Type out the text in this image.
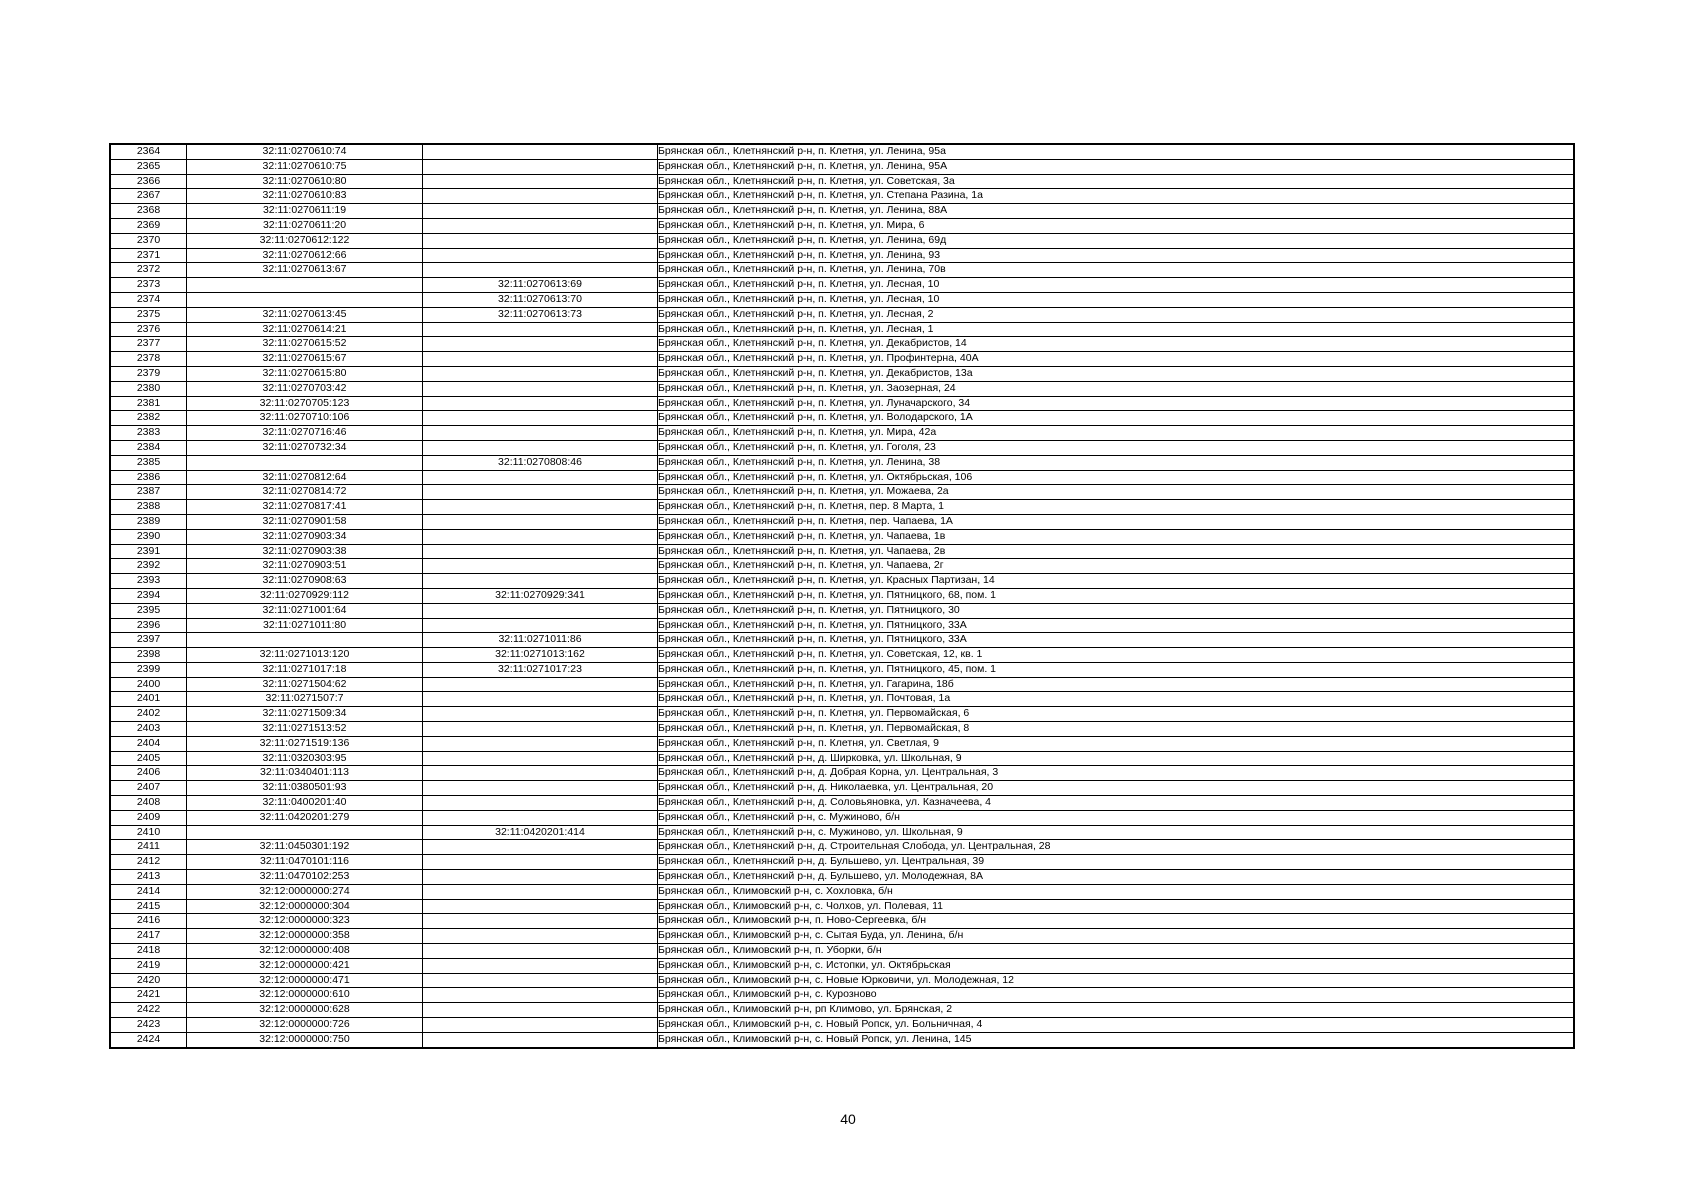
2364	32:11:0270610:74		Брянская обл., Клетнянский р-н, п. Клетня, ул. Ленина, 95а
2365	32:11:0270610:75		Брянская обл., Клетнянский р-н, п. Клетня, ул. Ленина, 95А
2366	32:11:0270610:80		Брянская обл., Клетнянский р-н, п. Клетня, ул. Советская, 3а
2367	32:11:0270610:83		Брянская обл., Клетнянский р-н, п. Клетня, ул. Степана Разина, 1а
2368	32:11:0270611:19		Брянская обл., Клетнянский р-н, п. Клетня, ул. Ленина, 88А
2369	32:11:0270611:20		Брянская обл., Клетнянский р-н, п. Клетня, ул. Мира, 6
2370	32:11:0270612:122		Брянская обл., Клетнянский р-н, п. Клетня, ул. Ленина, 69д
2371	32:11:0270612:66		Брянская обл., Клетнянский р-н, п. Клетня, ул. Ленина, 93
2372	32:11:0270613:67		Брянская обл., Клетнянский р-н, п. Клетня, ул. Ленина, 70в
2373		32:11:0270613:69	Брянская обл., Клетнянский р-н, п. Клетня, ул. Лесная, 10
2374		32:11:0270613:70	Брянская обл., Клетнянский р-н, п. Клетня, ул. Лесная, 10
2375	32:11:0270613:45	32:11:0270613:73	Брянская обл., Клетнянский р-н, п. Клетня, ул. Лесная, 2
2376	32:11:0270614:21		Брянская обл., Клетнянский р-н, п. Клетня, ул. Лесная, 1
2377	32:11:0270615:52		Брянская обл., Клетнянский р-н, п. Клетня, ул. Декабристов, 14
2378	32:11:0270615:67		Брянская обл., Клетнянский р-н, п. Клетня, ул. Профинтерна, 40А
2379	32:11:0270615:80		Брянская обл., Клетнянский р-н, п. Клетня, ул. Декабристов, 13а
2380	32:11:0270703:42		Брянская обл., Клетнянский р-н, п. Клетня, ул. Заозерная, 24
2381	32:11:0270705:123		Брянская обл., Клетнянский р-н, п. Клетня, ул. Луначарского, 34
2382	32:11:0270710:106		Брянская обл., Клетнянский р-н, п. Клетня, ул. Володарского, 1А
2383	32:11:0270716:46		Брянская обл., Клетнянский р-н, п. Клетня, ул. Мира, 42а
2384	32:11:0270732:34		Брянская обл., Клетнянский р-н, п. Клетня, ул. Гоголя, 23
2385		32:11:0270808:46	Брянская обл., Клетнянский р-н, п. Клетня, ул. Ленина, 38
2386	32:11:0270812:64		Брянская обл., Клетнянский р-н, п. Клетня, ул. Октябрьская, 106
2387	32:11:0270814:72		Брянская обл., Клетнянский р-н, п. Клетня, ул. Можаева, 2а
2388	32:11:0270817:41		Брянская обл., Клетнянский р-н, п. Клетня, пер. 8 Марта, 1
2389	32:11:0270901:58		Брянская обл., Клетнянский р-н, п. Клетня, пер. Чапаева, 1А
2390	32:11:0270903:34		Брянская обл., Клетнянский р-н, п. Клетня, ул. Чапаева, 1в
2391	32:11:0270903:38		Брянская обл., Клетнянский р-н, п. Клетня, ул. Чапаева, 2в
2392	32:11:0270903:51		Брянская обл., Клетнянский р-н, п. Клетня, ул. Чапаева, 2г
2393	32:11:0270908:63		Брянская обл., Клетнянский р-н, п. Клетня, ул. Красных Партизан, 14
2394	32:11:0270929:112	32:11:0270929:341	Брянская обл., Клетнянский р-н, п. Клетня, ул. Пятницкого, 68, пом. 1
2395	32:11:0271001:64		Брянская обл., Клетнянский р-н, п. Клетня, ул. Пятницкого, 30
2396	32:11:0271011:80		Брянская обл., Клетнянский р-н, п. Клетня, ул. Пятницкого, 33А
2397		32:11:0271011:86	Брянская обл., Клетнянский р-н, п. Клетня, ул. Пятницкого, 33А
2398	32:11:0271013:120	32:11:0271013:162	Брянская обл., Клетнянский р-н, п. Клетня, ул. Советская, 12, кв. 1
2399	32:11:0271017:18	32:11:0271017:23	Брянская обл., Клетнянский р-н, п. Клетня, ул. Пятницкого, 45, пом. 1
2400	32:11:0271504:62		Брянская обл., Клетнянский р-н, п. Клетня, ул. Гагарина, 18б
2401	32:11:0271507:7		Брянская обл., Клетнянский р-н, п. Клетня, ул. Почтовая, 1а
2402	32:11:0271509:34		Брянская обл., Клетнянский р-н, п. Клетня, ул. Первомайская, 6
2403	32:11:0271513:52		Брянская обл., Клетнянский р-н, п. Клетня, ул. Первомайская, 8
2404	32:11:0271519:136		Брянская обл., Клетнянский р-н, п. Клетня, ул. Светлая, 9
2405	32:11:0320303:95		Брянская обл., Клетнянский р-н, д. Ширковка, ул. Школьная, 9
2406	32:11:0340401:113		Брянская обл., Клетнянский р-н, д. Добрая Корна, ул. Центральная, 3
2407	32:11:0380501:93		Брянская обл., Клетнянский р-н, д. Николаевка, ул. Центральная, 20
2408	32:11:0400201:40		Брянская обл., Клетнянский р-н, д. Соловьяновка, ул. Казначеева, 4
2409	32:11:0420201:279		Брянская обл., Клетнянский р-н, с. Мужиново, б/н
2410		32:11:0420201:414	Брянская обл., Клетнянский р-н, с. Мужиново, ул. Школьная, 9
2411	32:11:0450301:192		Брянская обл., Клетнянский р-н, д. Строительная Слобода, ул. Центральная, 28
2412	32:11:0470101:116		Брянская обл., Клетнянский р-н, д. Бульшево, ул. Центральная, 39
2413	32:11:0470102:253		Брянская обл., Клетнянский р-н, д. Бульшево, ул. Молодежная, 8А
2414	32:12:0000000:274		Брянская обл., Климовский р-н, с. Хохловка, б/н
2415	32:12:0000000:304		Брянская обл., Климовский р-н, с. Чолхов, ул. Полевая, 11
2416	32:12:0000000:323		Брянская обл., Климовский р-н, п. Ново-Сергеевка, б/н
2417	32:12:0000000:358		Брянская обл., Климовский р-н, с. Сытая Буда, ул. Ленина, б/н
2418	32:12:0000000:408		Брянская обл., Климовский р-н, п. Уборки, б/н
2419	32:12:0000000:421		Брянская обл., Климовский р-н, с. Истопки, ул. Октябрьская
2420	32:12:0000000:471		Брянская обл., Климовский р-н, с. Новые Юрковичи, ул. Молодежная, 12
2421	32:12:0000000:610		Брянская обл., Климовский р-н, с. Курозново
2422	32:12:0000000:628		Брянская обл., Климовский р-н, рп Климово, ул. Брянская, 2
2423	32:12:0000000:726		Брянская обл., Климовский р-н, с. Новый Ропск, ул. Больничная, 4
2424	32:12:0000000:750		Брянская обл., Климовский р-н, с. Новый Ропск, ул. Ленина, 145
40
